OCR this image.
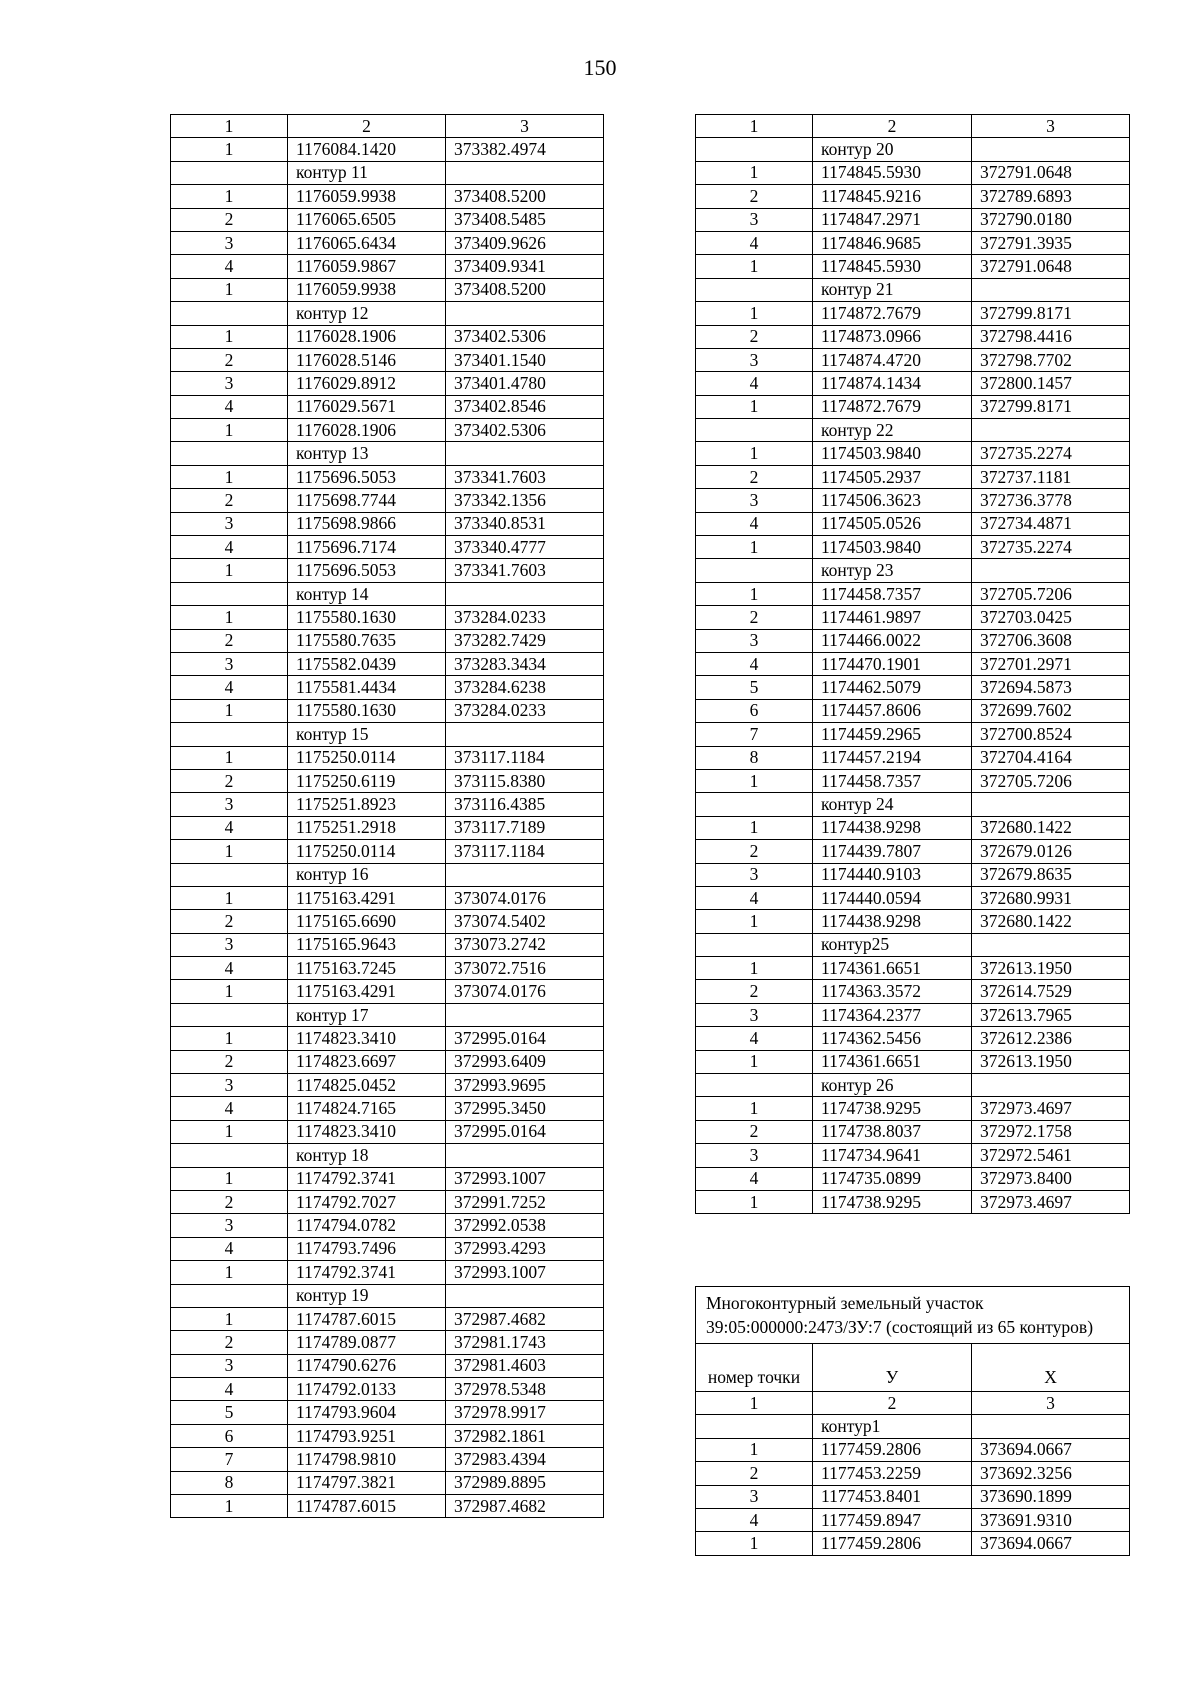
150
1	2	3
1	1176084.1420	373382.4974
	контур 11	
1	1176059.9938	373408.5200
2	1176065.6505	373408.5485
3	1176065.6434	373409.9626
4	1176059.9867	373409.9341
1	1176059.9938	373408.5200
	контур 12	
1	1176028.1906	373402.5306
2	1176028.5146	373401.1540
3	1176029.8912	373401.4780
4	1176029.5671	373402.8546
1	1176028.1906	373402.5306
	контур 13	
1	1175696.5053	373341.7603
2	1175698.7744	373342.1356
3	1175698.9866	373340.8531
4	1175696.7174	373340.4777
1	1175696.5053	373341.7603
	контур 14	
1	1175580.1630	373284.0233
2	1175580.7635	373282.7429
3	1175582.0439	373283.3434
4	1175581.4434	373284.6238
1	1175580.1630	373284.0233
	контур 15	
1	1175250.0114	373117.1184
2	1175250.6119	373115.8380
3	1175251.8923	373116.4385
4	1175251.2918	373117.7189
1	1175250.0114	373117.1184
	контур 16	
1	1175163.4291	373074.0176
2	1175165.6690	373074.5402
3	1175165.9643	373073.2742
4	1175163.7245	373072.7516
1	1175163.4291	373074.0176
	контур 17	
1	1174823.3410	372995.0164
2	1174823.6697	372993.6409
3	1174825.0452	372993.9695
4	1174824.7165	372995.3450
1	1174823.3410	372995.0164
	контур 18	
1	1174792.3741	372993.1007
2	1174792.7027	372991.7252
3	1174794.0782	372992.0538
4	1174793.7496	372993.4293
1	1174792.3741	372993.1007
	контур 19	
1	1174787.6015	372987.4682
2	1174789.0877	372981.1743
3	1174790.6276	372981.4603
4	1174792.0133	372978.5348
5	1174793.9604	372978.9917
6	1174793.9251	372982.1861
7	1174798.9810	372983.4394
8	1174797.3821	372989.8895
1	1174787.6015	372987.4682
1	2	3
	контур 20	
1	1174845.5930	372791.0648
2	1174845.9216	372789.6893
3	1174847.2971	372790.0180
4	1174846.9685	372791.3935
1	1174845.5930	372791.0648
	контур 21	
1	1174872.7679	372799.8171
2	1174873.0966	372798.4416
3	1174874.4720	372798.7702
4	1174874.1434	372800.1457
1	1174872.7679	372799.8171
	контур 22	
1	1174503.9840	372735.2274
2	1174505.2937	372737.1181
3	1174506.3623	372736.3778
4	1174505.0526	372734.4871
1	1174503.9840	372735.2274
	контур 23	
1	1174458.7357	372705.7206
2	1174461.9897	372703.0425
3	1174466.0022	372706.3608
4	1174470.1901	372701.2971
5	1174462.5079	372694.5873
6	1174457.8606	372699.7602
7	1174459.2965	372700.8524
8	1174457.2194	372704.4164
1	1174458.7357	372705.7206
	контур 24	
1	1174438.9298	372680.1422
2	1174439.7807	372679.0126
3	1174440.9103	372679.8635
4	1174440.0594	372680.9931
1	1174438.9298	372680.1422
	контур25	
1	1174361.6651	372613.1950
2	1174363.3572	372614.7529
3	1174364.2377	372613.7965
4	1174362.5456	372612.2386
1	1174361.6651	372613.1950
	контур 26	
1	1174738.9295	372973.4697
2	1174738.8037	372972.1758
3	1174734.9641	372972.5461
4	1174735.0899	372973.8400
1	1174738.9295	372973.4697
Многоконтурный земельный участок 39:05:000000:2473/ЗУ:7 (состоящий из 65 контуров)		
номер точки	У	Х
1	2	3
	контур1	
1	1177459.2806	373694.0667
2	1177453.2259	373692.3256
3	1177453.8401	373690.1899
4	1177459.8947	373691.9310
1	1177459.2806	373694.0667
